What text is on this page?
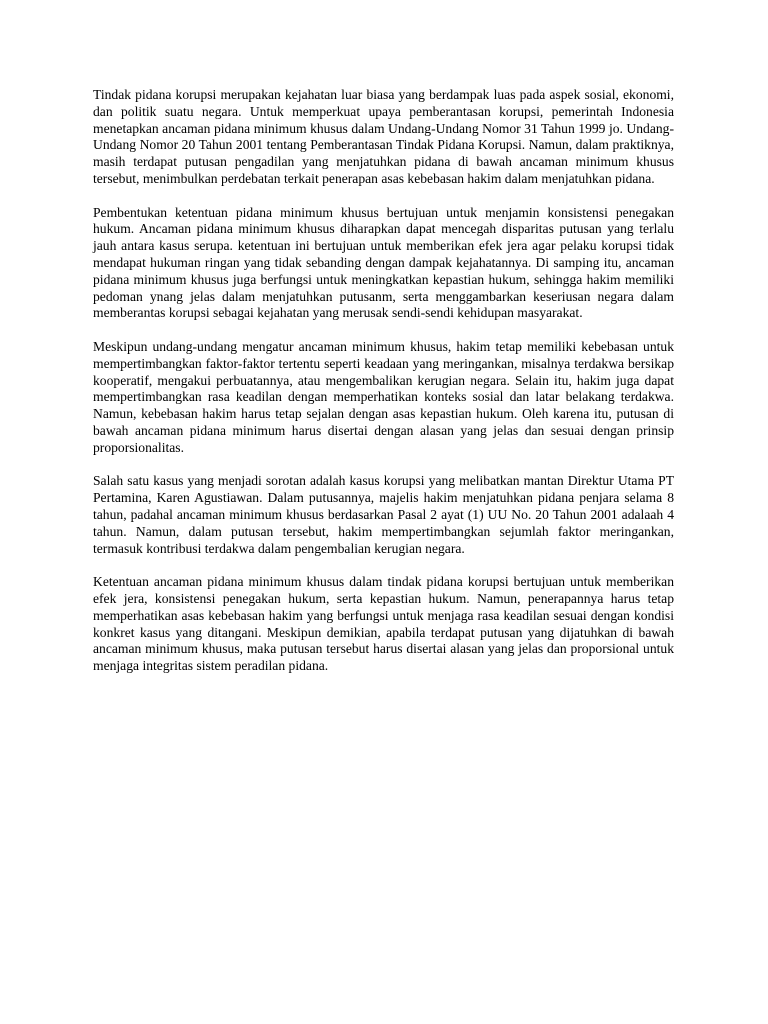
Tindak pidana korupsi merupakan kejahatan luar biasa yang berdampak luas pada aspek sosial, ekonomi, dan politik suatu negara. Untuk memperkuat upaya pemberantasan korupsi, pemerintah Indonesia menetapkan ancaman pidana minimum khusus dalam Undang-Undang Nomor 31 Tahun 1999 jo. Undang-Undang Nomor 20 Tahun 2001 tentang Pemberantasan Tindak Pidana Korupsi. Namun, dalam praktiknya, masih terdapat putusan pengadilan yang menjatuhkan pidana di bawah ancaman minimum khusus tersebut, menimbulkan perdebatan terkait penerapan asas kebebasan hakim dalam menjatuhkan pidana.

Pembentukan ketentuan pidana minimum khusus bertujuan untuk menjamin konsistensi penegakan hukum. Ancaman pidana minimum khusus diharapkan dapat mencegah disparitas putusan yang terlalu jauh antara kasus serupa. ketentuan ini bertujuan untuk memberikan efek jera agar pelaku korupsi tidak mendapat hukuman ringan yang tidak sebanding dengan dampak kejahatannya. Di samping itu, ancaman pidana minimum khusus juga berfungsi untuk meningkatkan kepastian hukum, sehingga hakim memiliki pedoman ynang jelas dalam menjatuhkan putusanm, serta menggambarkan keseriusan negara dalam memberantas korupsi sebagai kejahatan yang merusak sendi-sendi kehidupan masyarakat.

Meskipun undang-undang mengatur ancaman minimum khusus, hakim tetap memiliki kebebasan untuk mempertimbangkan faktor-faktor tertentu seperti keadaan yang meringankan, misalnya terdakwa bersikap kooperatif, mengakui perbuatannya, atau mengembalikan kerugian negara. Selain itu, hakim juga dapat mempertimbangkan rasa keadilan dengan memperhatikan konteks sosial dan latar belakang terdakwa. Namun, kebebasan hakim harus tetap sejalan dengan asas kepastian hukum. Oleh karena itu, putusan di bawah ancaman pidana minimum harus disertai dengan alasan yang jelas dan sesuai dengan prinsip proporsionalitas.

Salah satu kasus yang menjadi sorotan adalah kasus korupsi yang melibatkan mantan Direktur Utama PT Pertamina, Karen Agustiawan. Dalam putusannya, majelis hakim menjatuhkan pidana penjara selama 8 tahun, padahal ancaman minimum khusus berdasarkan Pasal 2 ayat (1) UU No. 20 Tahun 2001 adalaah 4 tahun. Namun, dalam putusan tersebut, hakim mempertimbangkan sejumlah faktor meringankan, termasuk kontribusi terdakwa dalam pengembalian kerugian negara.

Ketentuan ancaman pidana minimum khusus dalam tindak pidana korupsi bertujuan untuk memberikan efek jera, konsistensi penegakan hukum, serta kepastian hukum. Namun, penerapannya harus tetap memperhatikan asas kebebasan hakim yang berfungsi untuk menjaga rasa keadilan sesuai dengan kondisi konkret kasus yang ditangani. Meskipun demikian, apabila terdapat putusan yang dijatuhkan di bawah ancaman minimum khusus, maka putusan tersebut harus disertai alasan yang jelas dan proporsional untuk menjaga integritas sistem peradilan pidana.
